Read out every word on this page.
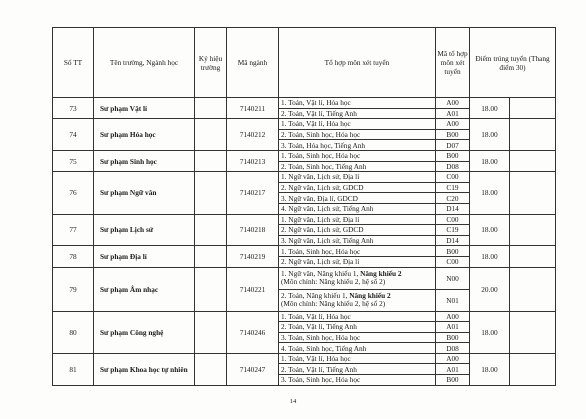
Số TT	Tên trường, Ngành học	Ký hiệu trường	Mã ngành	Tổ hợp môn xét tuyển	Mã tổ hợp môn xét tuyển	Điểm trúng tuyển (Thang điểm 30)	
73	Sư phạm Vật lí		7140211	1. Toán, Vật lí, Hóa học	A00	18.00	
				2. Toán, Vật lí, Tiếng Anh	A01		
74	Sư phạm Hóa học		7140212	1. Toán, Vật lí, Hóa học	A00	18.00	
				2. Toán, Sinh học, Hóa học	B00		
				3. Toán, Hóa học, Tiếng Anh	D07		
75	Sư phạm Sinh học		7140213	1. Toán, Sinh học, Hóa học	B00	18.00	
				2. Toán, Sinh học, Tiếng Anh	D08		
76	Sư phạm Ngữ văn		7140217	1. Ngữ văn, Lịch sử, Địa lí	C00	18.00	
				2. Ngữ văn, Lịch sử, GDCD	C19		
				3. Ngữ văn, Địa lí, GDCD	C20		
				4. Ngữ văn, Lịch sử, Tiếng Anh	D14		
77	Sư phạm Lịch sử		7140218	1. Ngữ văn, Lịch sử, Địa lí	C00	18.00	
				2. Ngữ văn, Lịch sử, GDCD	C19		
				3. Ngữ văn, Lịch sử, Tiếng Anh	D14		
78	Sư phạm Địa lí		7140219	1. Toán, Sinh học, Hóa học	B00	18.00	
				2. Ngữ văn, Lịch sử, Địa lí	C00		
79	Sư phạm Âm nhạc		7140221	1. Ngữ văn, Năng khiếu 1, Năng khiếu 2
(Môn chính: Năng khiếu 2, hệ số 2)	N00	20.00	
				2. Toán, Năng khiếu 1, Năng khiếu 2
(Môn chính: Năng khiếu 2, hệ số 2)	N01		
80	Sư phạm Công nghệ		7140246	1. Toán, Vật lí, Hóa học	A00	18.00	
				2. Toán, Vật lí, Tiếng Anh	A01		
				3. Toán, Sinh học, Hóa học	B00		
				4. Toán, Sinh học, Tiếng Anh	D08		
81	Sư phạm Khoa học tự nhiên		7140247	1. Toán, Vật lí, Hóa học	A00	18.00	
				2. Toán, Vật lí, Tiếng Anh	A01		
				3. Toán, Sinh học, Hóa học	B00		
14
